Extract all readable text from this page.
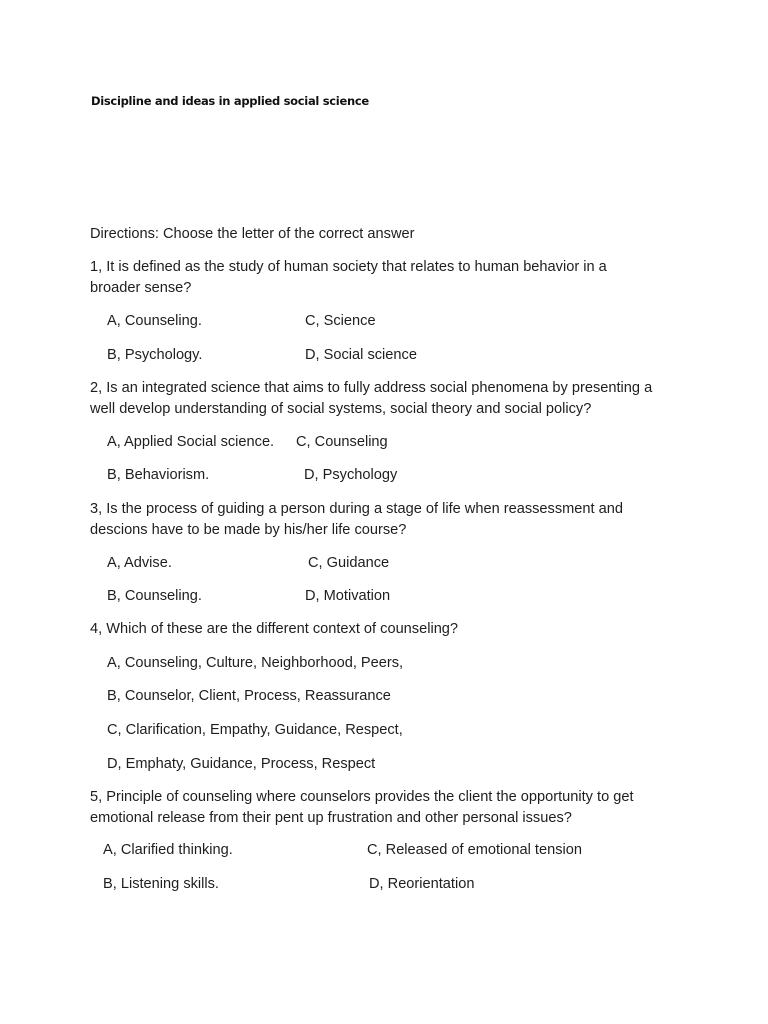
Discipline and ideas in applied social science
Directions: Choose the letter of the correct answer
1, It is defined as the study of human society that relates to human behavior in a
broader sense?
A, Counseling.	C, Science
B, Psychology.	D, Social science
2, Is an integrated science that aims to fully address social phenomena by presenting a
well develop understanding of social systems, social theory and social policy?
A, Applied Social science. C, Counseling
B, Behaviorism.	D, Psychology
3, Is the process of guiding a person during a stage of life when reassessment and
descions have to be made by his/her life course?
A, Advise.	C, Guidance
B, Counseling.	D, Motivation
4, Which of these are the different context of counseling?
A, Counseling, Culture, Neighborhood, Peers,
B, Counselor, Client, Process, Reassurance
C, Clarification, Empathy, Guidance, Respect,
D, Emphaty, Guidance, Process, Respect
5, Principle of counseling where counselors provides the client the opportunity to get
emotional release from their pent up frustration and other personal issues?
A, Clarified thinking.	C, Released of emotional tension
B, Listening skills.	D, Reorientation
